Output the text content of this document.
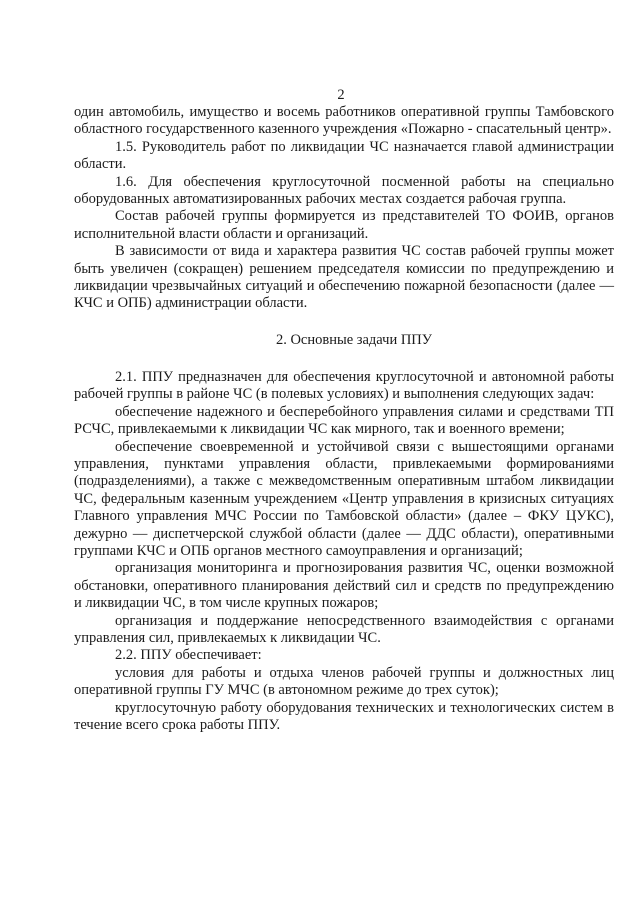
2

один автомобиль, имущество и восемь работников оперативной группы Тамбовского областного государственного казенного учреждения «Пожарно - спасательный центр».

1.5. Руководитель работ по ликвидации ЧС назначается главой администрации области.

1.6. Для обеспечения круглосуточной посменной работы на специально оборудованных автоматизированных рабочих местах создается рабочая группа.

Состав рабочей группы формируется из представителей ТО ФОИВ, органов исполнительной власти области и организаций.

В зависимости от вида и характера развития ЧС состав рабочей группы может быть увеличен (сокращен) решением председателя комиссии по предупреждению и ликвидации чрезвычайных ситуаций и обеспечению пожарной безопасности (далее — КЧС и ОПБ) администрации области.

2. Основные задачи ППУ

2.1. ППУ предназначен для обеспечения круглосуточной и автономной работы рабочей группы в районе ЧС (в полевых условиях) и выполнения следующих задач:

обеспечение надежного и бесперебойного управления силами и средствами ТП РСЧС, привлекаемыми к ликвидации ЧС как мирного, так и военного времени;

обеспечение своевременной и устойчивой связи с вышестоящими органами управления, пунктами управления области, привлекаемыми формированиями (подразделениями), а также с межведомственным оперативным штабом ликвидации ЧС, федеральным казенным учреждением «Центр управления в кризисных ситуациях Главного управления МЧС России по Тамбовской области» (далее – ФКУ ЦУКС), дежурно — диспетчерской службой области (далее — ДДС области), оперативными группами КЧС и ОПБ органов местного самоуправления и организаций;

организация мониторинга и прогнозирования развития ЧС, оценки возможной обстановки, оперативного планирования действий сил и средств по предупреждению и ликвидации ЧС, в том числе крупных пожаров;

организация и поддержание непосредственного взаимодействия с органами управления сил, привлекаемых к ликвидации ЧС.

2.2. ППУ обеспечивает:

условия для работы и отдыха членов рабочей группы и должностных лиц оперативной группы ГУ МЧС (в автономном режиме до трех суток);

круглосуточную работу оборудования технических и технологических систем в течение всего срока работы ППУ.
